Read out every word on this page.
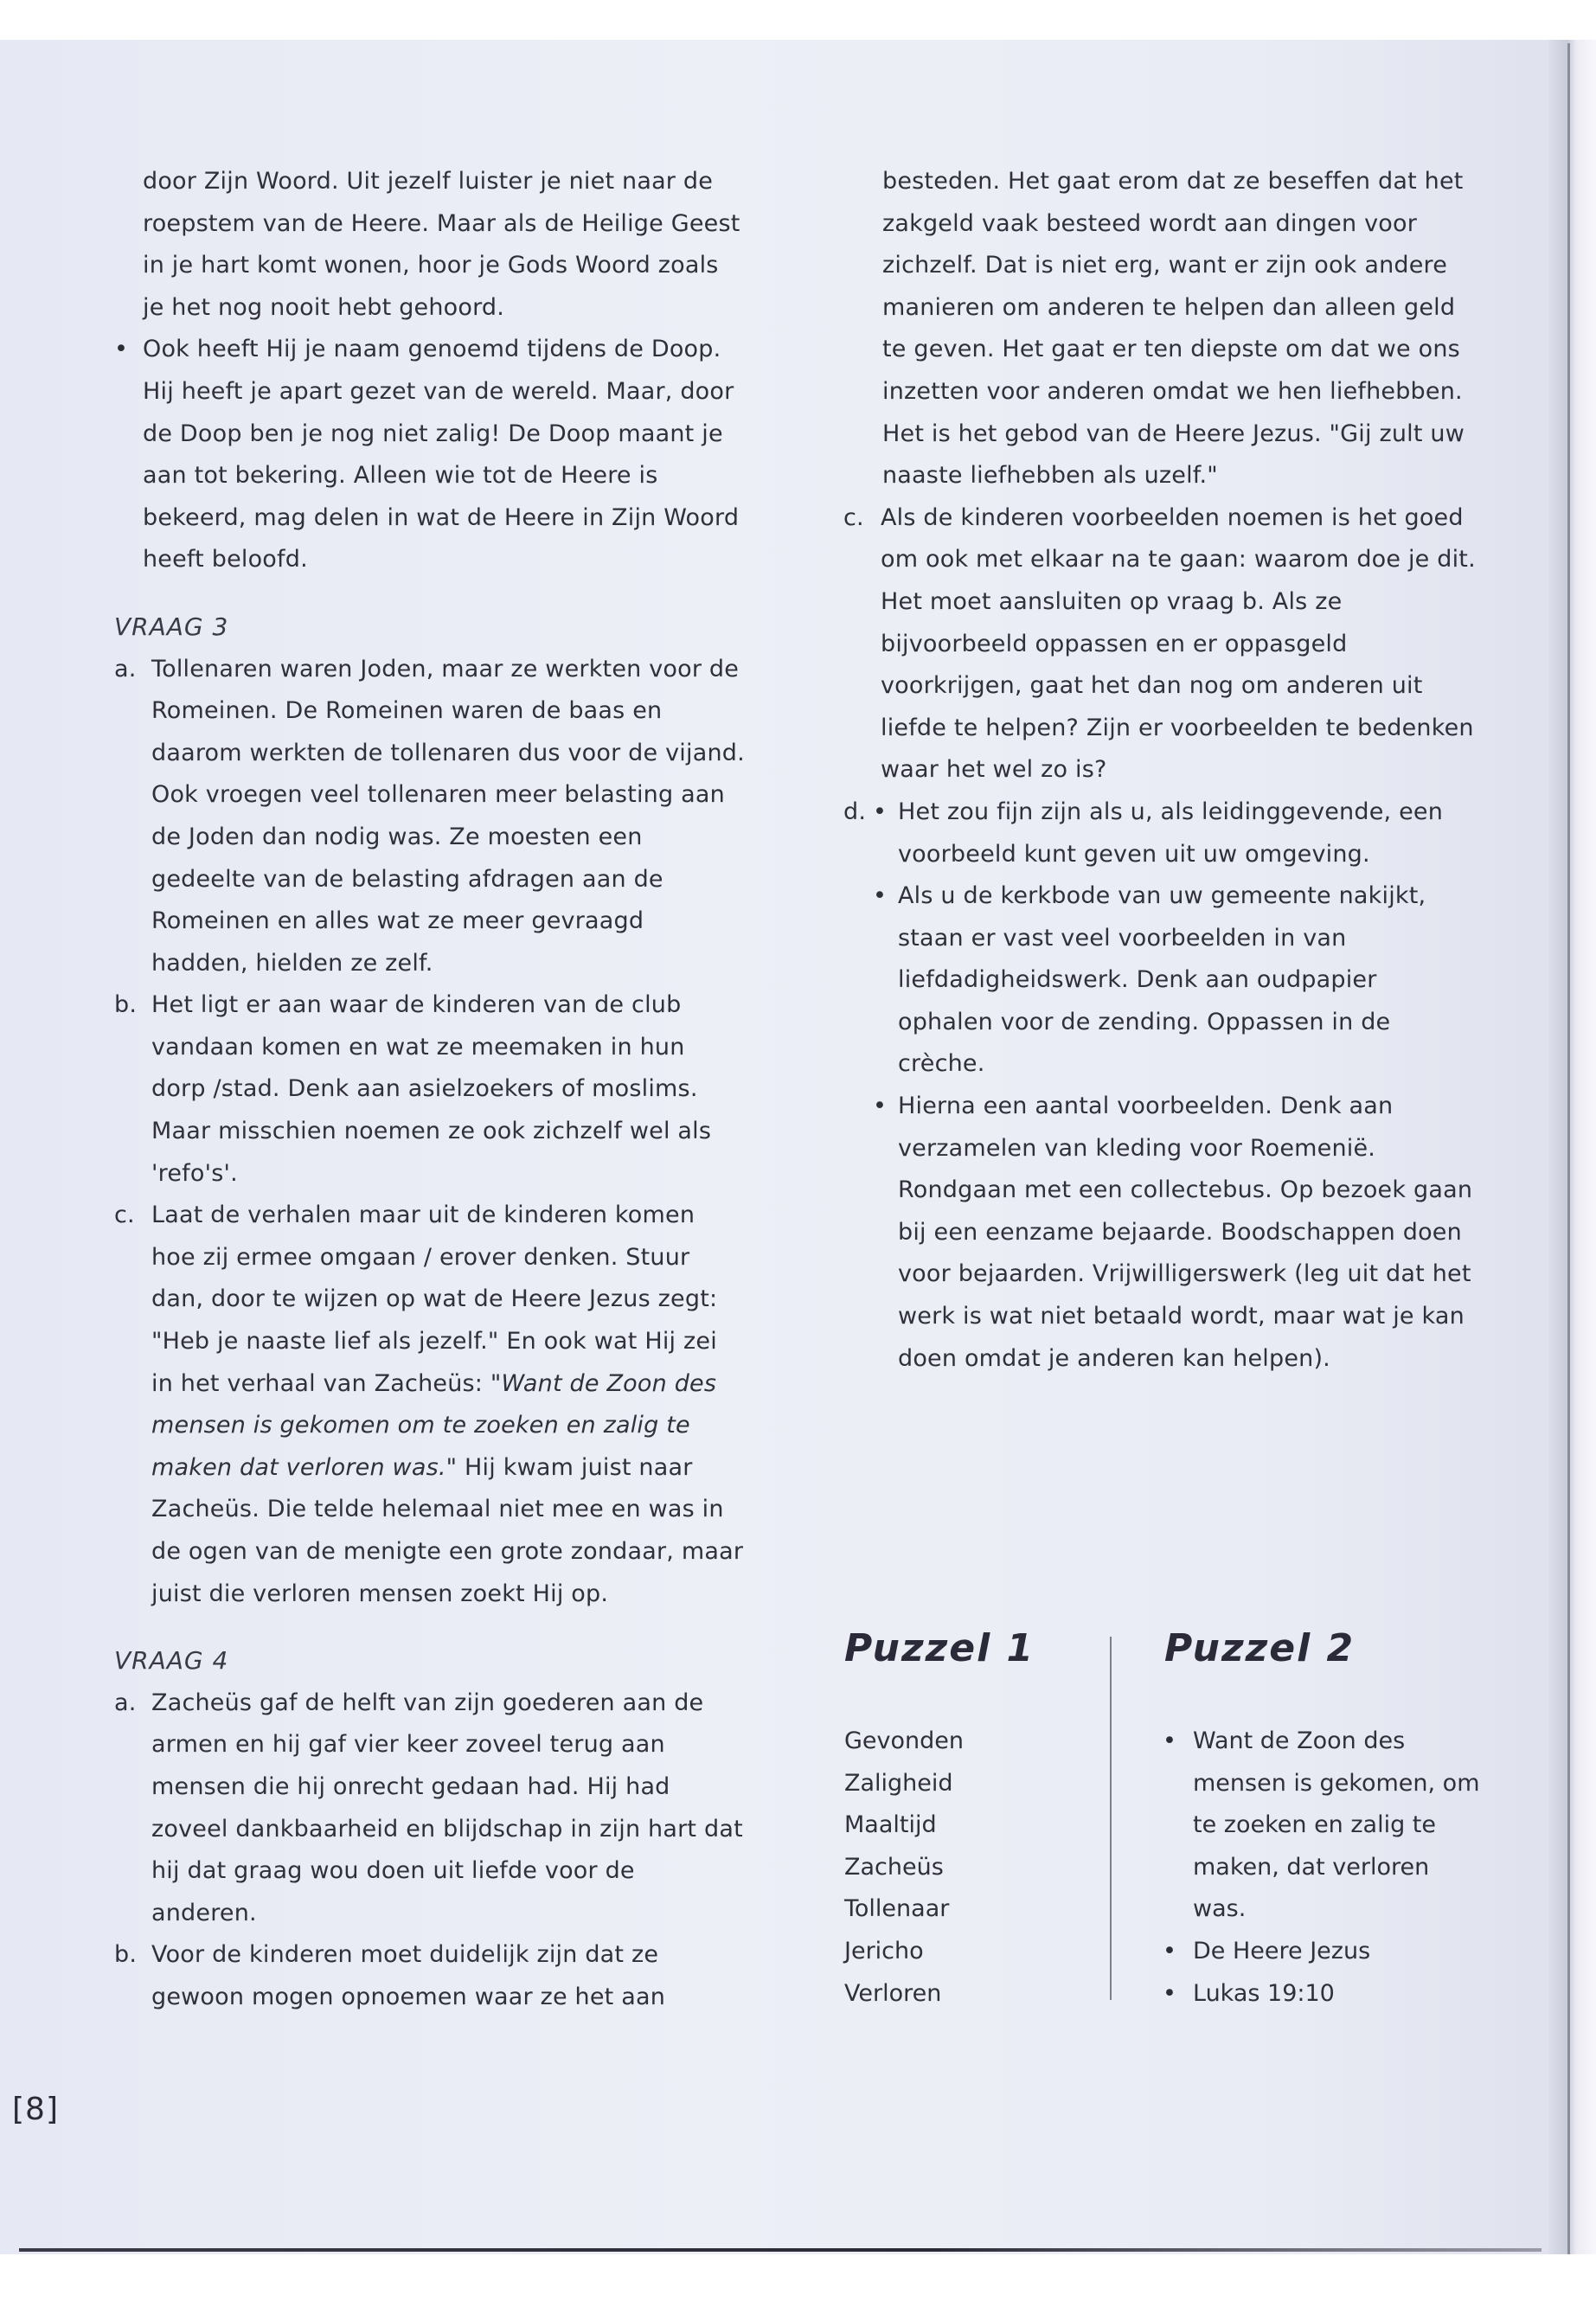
door Zijn Woord. Uit jezelf luister je niet naar de roepstem van de Heere. Maar als de Heilige Geest in je hart komt wonen, hoor je Gods Woord zoals je het nog nooit hebt gehoord.
• Ook heeft Hij je naam genoemd tijdens de Doop. Hij heeft je apart gezet van de wereld. Maar, door de Doop ben je nog niet zalig! De Doop maant je aan tot bekering. Alleen wie tot de Heere is bekeerd, mag delen in wat de Heere in Zijn Woord heeft beloofd.
VRAAG 3
a. Tollenaren waren Joden, maar ze werkten voor de Romeinen. De Romeinen waren de baas en daarom werkten de tollenaren dus voor de vijand. Ook vroegen veel tollenaren meer belasting aan de Joden dan nodig was. Ze moesten een gedeelte van de belasting afdragen aan de Romeinen en alles wat ze meer gevraagd hadden, hielden ze zelf.
b. Het ligt er aan waar de kinderen van de club vandaan komen en wat ze meemaken in hun dorp /stad. Denk aan asielzoekers of moslims. Maar misschien noemen ze ook zichzelf wel als 'refo's'.
c. Laat de verhalen maar uit de kinderen komen hoe zij ermee omgaan / erover denken. Stuur dan, door te wijzen op wat de Heere Jezus zegt: "Heb je naaste lief als jezelf." En ook wat Hij zei in het verhaal van Zacheüs: "Want de Zoon des mensen is gekomen om te zoeken en zalig te maken dat verloren was." Hij kwam juist naar Zacheüs. Die telde helemaal niet mee en was in de ogen van de menigte een grote zondaar, maar juist die verloren mensen zoekt Hij op.
VRAAG 4
a. Zacheüs gaf de helft van zijn goederen aan de armen en hij gaf vier keer zoveel terug aan mensen die hij onrecht gedaan had. Hij had zoveel dankbaarheid en blijdschap in zijn hart dat hij dat graag wou doen uit liefde voor de anderen.
b. Voor de kinderen moet duidelijk zijn dat ze gewoon mogen opnoemen waar ze het aan
besteden. Het gaat erom dat ze beseffen dat het zakgeld vaak besteed wordt aan dingen voor zichzelf. Dat is niet erg, want er zijn ook andere manieren om anderen te helpen dan alleen geld te geven. Het gaat er ten diepste om dat we ons inzetten voor anderen omdat we hen liefhebben. Het is het gebod van de Heere Jezus. "Gij zult uw naaste liefhebben als uzelf."
c. Als de kinderen voorbeelden noemen is het goed om ook met elkaar na te gaan: waarom doe je dit. Het moet aansluiten op vraag b. Als ze bijvoorbeeld oppassen en er oppasgeld voorkrijgen, gaat het dan nog om anderen uit liefde te helpen? Zijn er voorbeelden te bedenken waar het wel zo is?
d. • Het zou fijn zijn als u, als leidinggevende, een voorbeeld kunt geven uit uw omgeving.
• Als u de kerkbode van uw gemeente nakijkt, staan er vast veel voorbeelden in van liefdadigheidswerk. Denk aan oudpapier ophalen voor de zending. Oppassen in de crèche.
• Hierna een aantal voorbeelden. Denk aan verzamelen van kleding voor Roemenië. Rondgaan met een collectebus. Op bezoek gaan bij een eenzame bejaarde. Boodschappen doen voor bejaarden. Vrijwilligerswerk (leg uit dat het werk is wat niet betaald wordt, maar wat je kan doen omdat je anderen kan helpen).
Puzzel 1	Puzzel 2
Gevonden
Zaligheid
Maaltijd
Zacheüs
Tollenaar
Jericho
Verloren
• Want de Zoon des mensen is gekomen, om te zoeken en zalig te maken, dat verloren was.
• De Heere Jezus
• Lukas 19:10
[8]
